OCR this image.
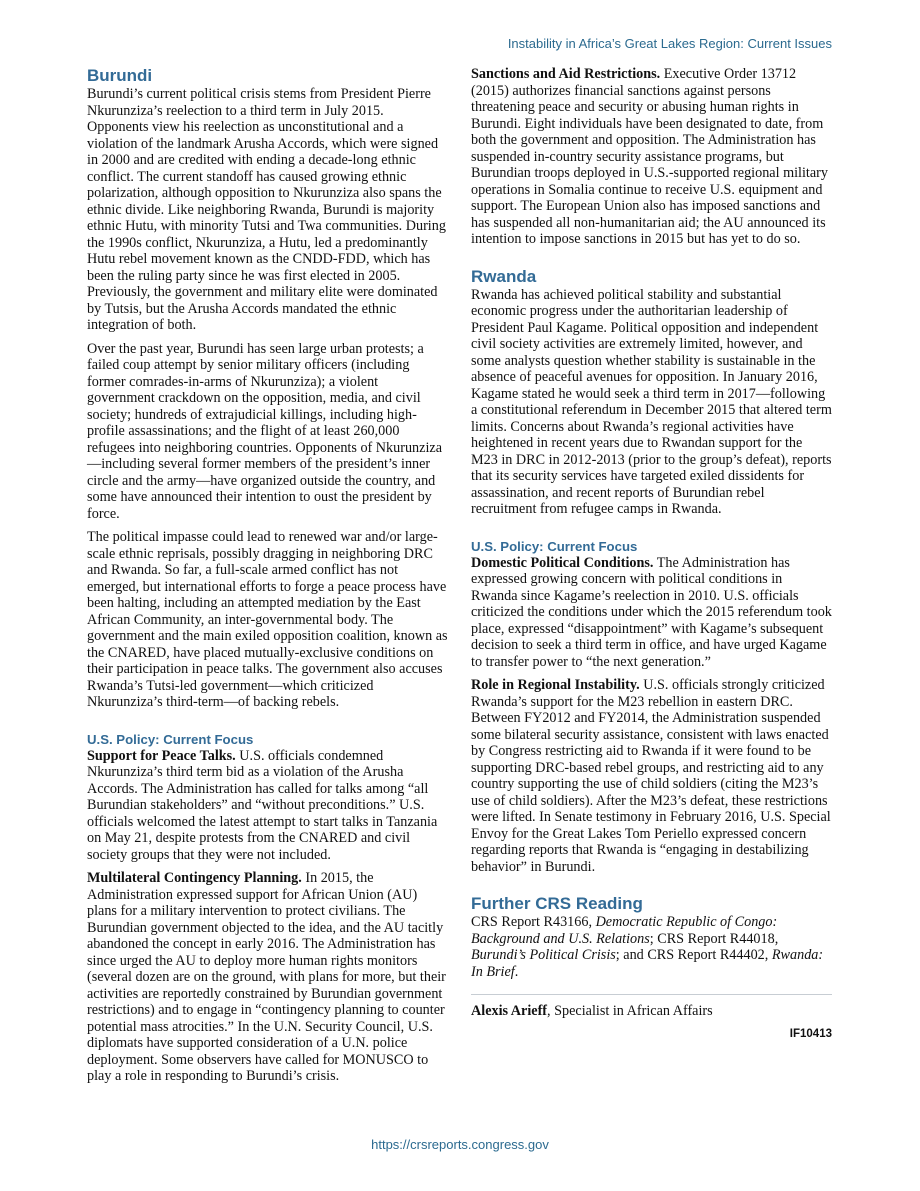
Instability in Africa’s Great Lakes Region: Current Issues
Burundi

Burundi’s current political crisis stems from President Pierre Nkurunziza’s reelection to a third term in July 2015. Opponents view his reelection as unconstitutional and a violation of the landmark Arusha Accords, which were signed in 2000 and are credited with ending a decade-long ethnic conflict. The current standoff has caused growing ethnic polarization, although opposition to Nkurunziza also spans the ethnic divide. Like neighboring Rwanda, Burundi is majority ethnic Hutu, with minority Tutsi and Twa communities. During the 1990s conflict, Nkurunziza, a Hutu, led a predominantly Hutu rebel movement known as the CNDD-FDD, which has been the ruling party since he was first elected in 2005. Previously, the government and military elite were dominated by Tutsis, but the Arusha Accords mandated the ethnic integration of both.

Over the past year, Burundi has seen large urban protests; a failed coup attempt by senior military officers (including former comrades-in-arms of Nkurunziza); a violent government crackdown on the opposition, media, and civil society; hundreds of extrajudicial killings, including high-profile assassinations; and the flight of at least 260,000 refugees into neighboring countries. Opponents of Nkurunziza—including several former members of the president’s inner circle and the army—have organized outside the country, and some have announced their intention to oust the president by force.

The political impasse could lead to renewed war and/or large-scale ethnic reprisals, possibly dragging in neighboring DRC and Rwanda. So far, a full-scale armed conflict has not emerged, but international efforts to forge a peace process have been halting, including an attempted mediation by the East African Community, an inter-governmental body. The government and the main exiled opposition coalition, known as the CNARED, have placed mutually-exclusive conditions on their participation in peace talks. The government also accuses Rwanda’s Tutsi-led government—which criticized Nkurunziza’s third-term—of backing rebels.

U.S. Policy: Current Focus

Support for Peace Talks. U.S. officials condemned Nkurunziza’s third term bid as a violation of the Arusha Accords. The Administration has called for talks among “all Burundian stakeholders” and “without preconditions.” U.S. officials welcomed the latest attempt to start talks in Tanzania on May 21, despite protests from the CNARED and civil society groups that they were not included.

Multilateral Contingency Planning. In 2015, the Administration expressed support for African Union (AU) plans for a military intervention to protect civilians. The Burundian government objected to the idea, and the AU tacitly abandoned the concept in early 2016. The Administration has since urged the AU to deploy more human rights monitors (several dozen are on the ground, with plans for more, but their activities are reportedly constrained by Burundian government restrictions) and to engage in “contingency planning to counter potential mass atrocities.” In the U.N. Security Council, U.S. diplomats have supported consideration of a U.N. police deployment. Some observers have called for MONUSCO to play a role in responding to Burundi’s crisis.

Sanctions and Aid Restrictions. Executive Order 13712 (2015) authorizes financial sanctions against persons threatening peace and security or abusing human rights in Burundi. Eight individuals have been designated to date, from both the government and opposition. The Administration has suspended in-country security assistance programs, but Burundian troops deployed in U.S.-supported regional military operations in Somalia continue to receive U.S. equipment and support. The European Union also has imposed sanctions and has suspended all non-humanitarian aid; the AU announced its intention to impose sanctions in 2015 but has yet to do so.

Rwanda

Rwanda has achieved political stability and substantial economic progress under the authoritarian leadership of President Paul Kagame. Political opposition and independent civil society activities are extremely limited, however, and some analysts question whether stability is sustainable in the absence of peaceful avenues for opposition. In January 2016, Kagame stated he would seek a third term in 2017—following a constitutional referendum in December 2015 that altered term limits. Concerns about Rwanda’s regional activities have heightened in recent years due to Rwandan support for the M23 in DRC in 2012-2013 (prior to the group’s defeat), reports that its security services have targeted exiled dissidents for assassination, and recent reports of Burundian rebel recruitment from refugee camps in Rwanda.

U.S. Policy: Current Focus

Domestic Political Conditions. The Administration has expressed growing concern with political conditions in Rwanda since Kagame’s reelection in 2010. U.S. officials criticized the conditions under which the 2015 referendum took place, expressed “disappointment” with Kagame’s subsequent decision to seek a third term in office, and have urged Kagame to transfer power to “the next generation.”

Role in Regional Instability. U.S. officials strongly criticized Rwanda’s support for the M23 rebellion in eastern DRC. Between FY2012 and FY2014, the Administration suspended some bilateral security assistance, consistent with laws enacted by Congress restricting aid to Rwanda if it were found to be supporting DRC-based rebel groups, and restricting aid to any country supporting the use of child soldiers (citing the M23’s use of child soldiers). After the M23’s defeat, these restrictions were lifted. In Senate testimony in February 2016, U.S. Special Envoy for the Great Lakes Tom Periello expressed concern regarding reports that Rwanda is “engaging in destabilizing behavior” in Burundi.

Further CRS Reading

CRS Report R43166, Democratic Republic of Congo: Background and U.S. Relations; CRS Report R44018, Burundi’s Political Crisis; and CRS Report R44402, Rwanda: In Brief.

Alexis Arieff, Specialist in African Affairs

IF10413
https://crsreports.congress.gov
